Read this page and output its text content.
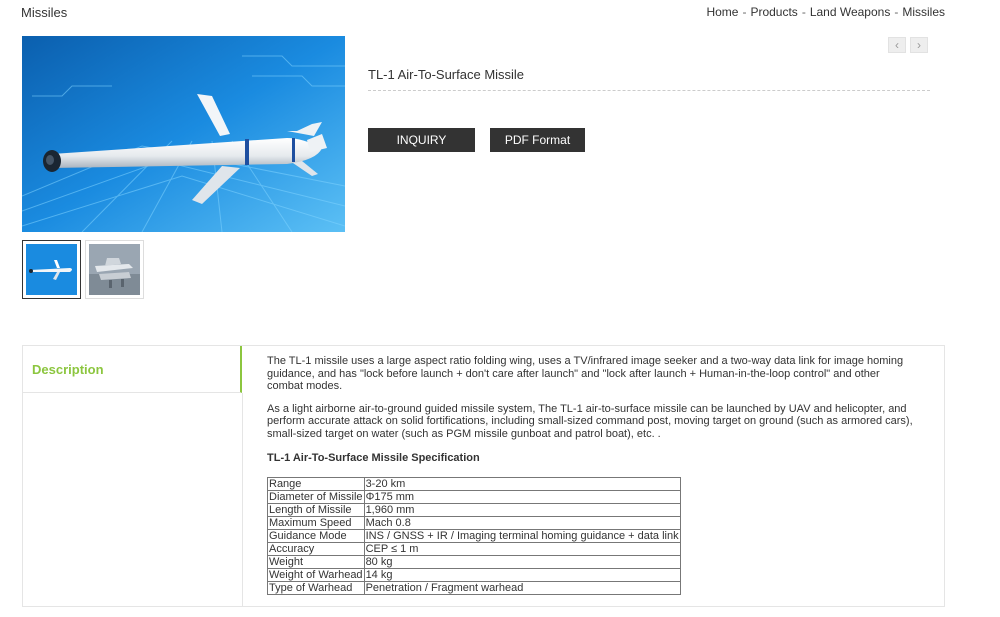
Missiles	Home - Products - Land Weapons - Missiles
‹	›
TL-1 Air-To-Surface Missile
INQUIRY	PDF Format
Description

The TL-1 missile uses a large aspect ratio folding wing, uses a TV/infrared image seeker and a two-way data link for image homing guidance, and has "lock before launch + don't care after launch" and "lock after launch + Human-in-the-loop control" and other combat modes.

As a light airborne air-to-ground guided missile system, The TL-1 air-to-surface missile can be launched by UAV and helicopter, and perform accurate attack on solid fortifications, including small-sized command post, moving target on ground (such as armored cars), small-sized target on water (such as PGM missile gunboat and patrol boat), etc. .

TL-1 Air-To-Surface Missile Specification
Range	3-20 km
Diameter of Missile	Φ175 mm
Length of Missile	1,960 mm
Maximum Speed	Mach 0.8
Guidance Mode	INS / GNSS + IR / Imaging terminal homing guidance + data link
Accuracy	CEP ≤ 1 m
Weight	80 kg
Weight of Warhead	14 kg
Type of Warhead	Penetration / Fragment warhead
